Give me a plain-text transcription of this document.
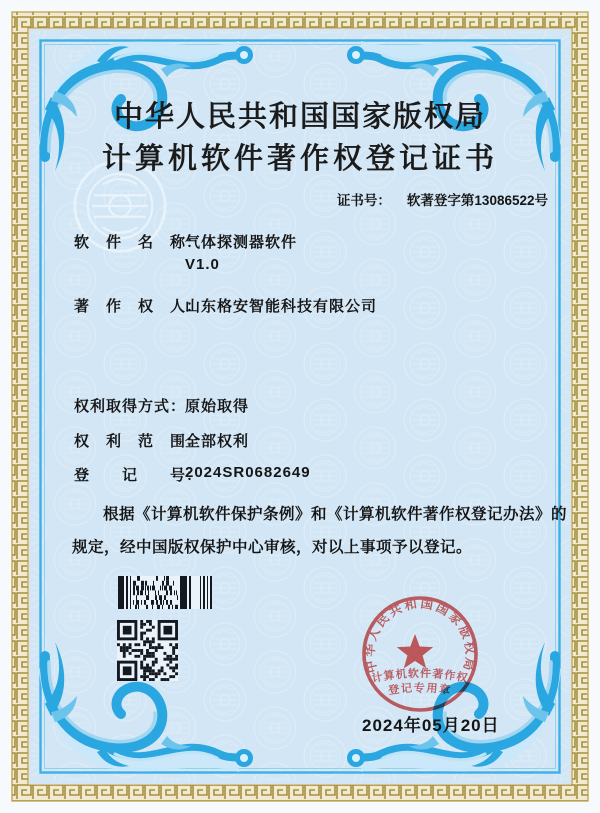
中华人民共和国国家版权局
计算机软件著作权登记证书
证书号： 软著登字第13086522号
软　件　名　称：
气体探测器软件
V1.0
著　作　权　人：
山东格安智能科技有限公司
权利取得方式：
原始取得
权　利　范　围：
全部权利
登　　记　　号：
2024SR0682649
根据《计算机软件保护条例》和《计算机软件著作权登记办法》的
规定，经中国版权保护中心审核，对以上事项予以登记。
中华人民共和国国家版权局
计算机软件著作权
登记专用章
2024年05月20日
